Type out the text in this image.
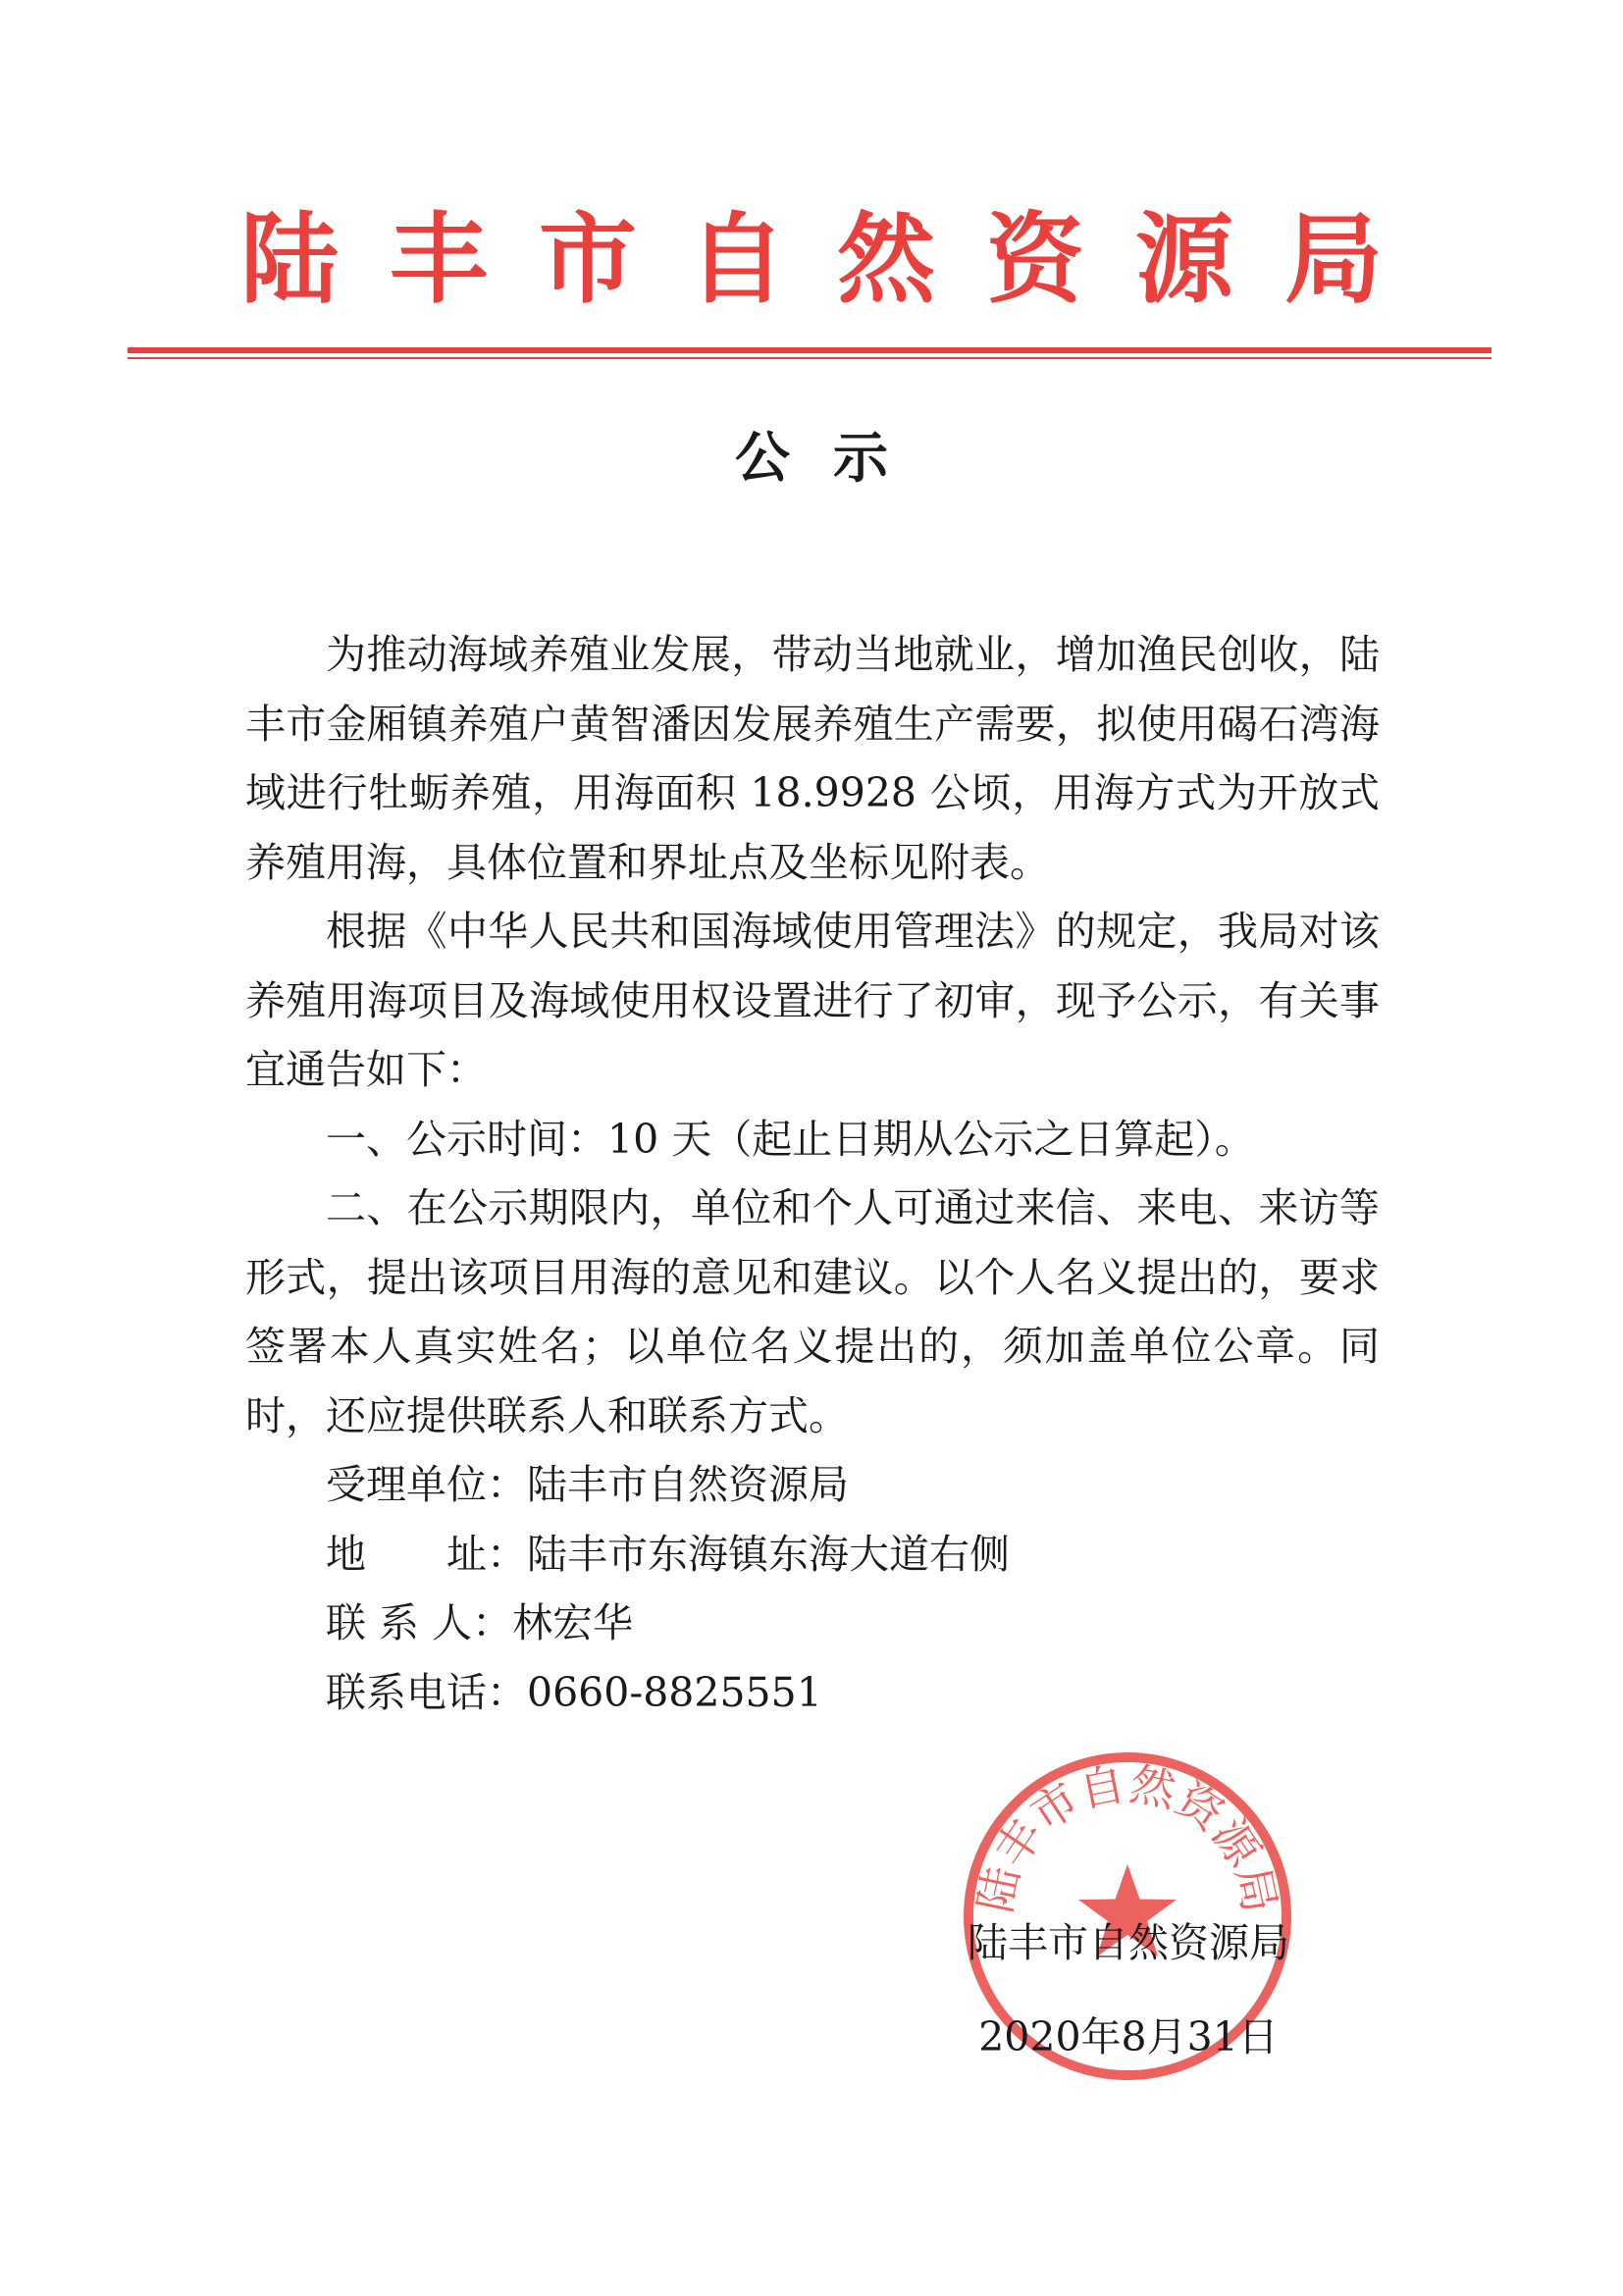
陆丰市自然资源局
公示

为推动海域养殖业发展，带动当地就业，增加渔民创收，陆丰市金厢镇养殖户黄智潘因发展养殖生产需要，拟使用碣石湾海域进行牡蛎养殖，用海面积 18.9928 公顷，用海方式为开放式养殖用海，具体位置和界址点及坐标见附表。

根据《中华人民共和国海域使用管理法》的规定，我局对该养殖用海项目及海域使用权设置进行了初审，现予公示，有关事宜通告如下：

一、公示时间：10 天（起止日期从公示之日算起）。

二、在公示期限内，单位和个人可通过来信、来电、来访等形式，提出该项目用海的意见和建议。以个人名义提出的，要求签署本人真实姓名；以单位名义提出的，须加盖单位公章。同时，还应提供联系人和联系方式。

受理单位：陆丰市自然资源局
地　　址：陆丰市东海镇东海大道右侧
联 系 人：林宏华
联系电话：0660-8825551
陆丰市自然资源局
陆丰市自然资源局
2020年8月31日
